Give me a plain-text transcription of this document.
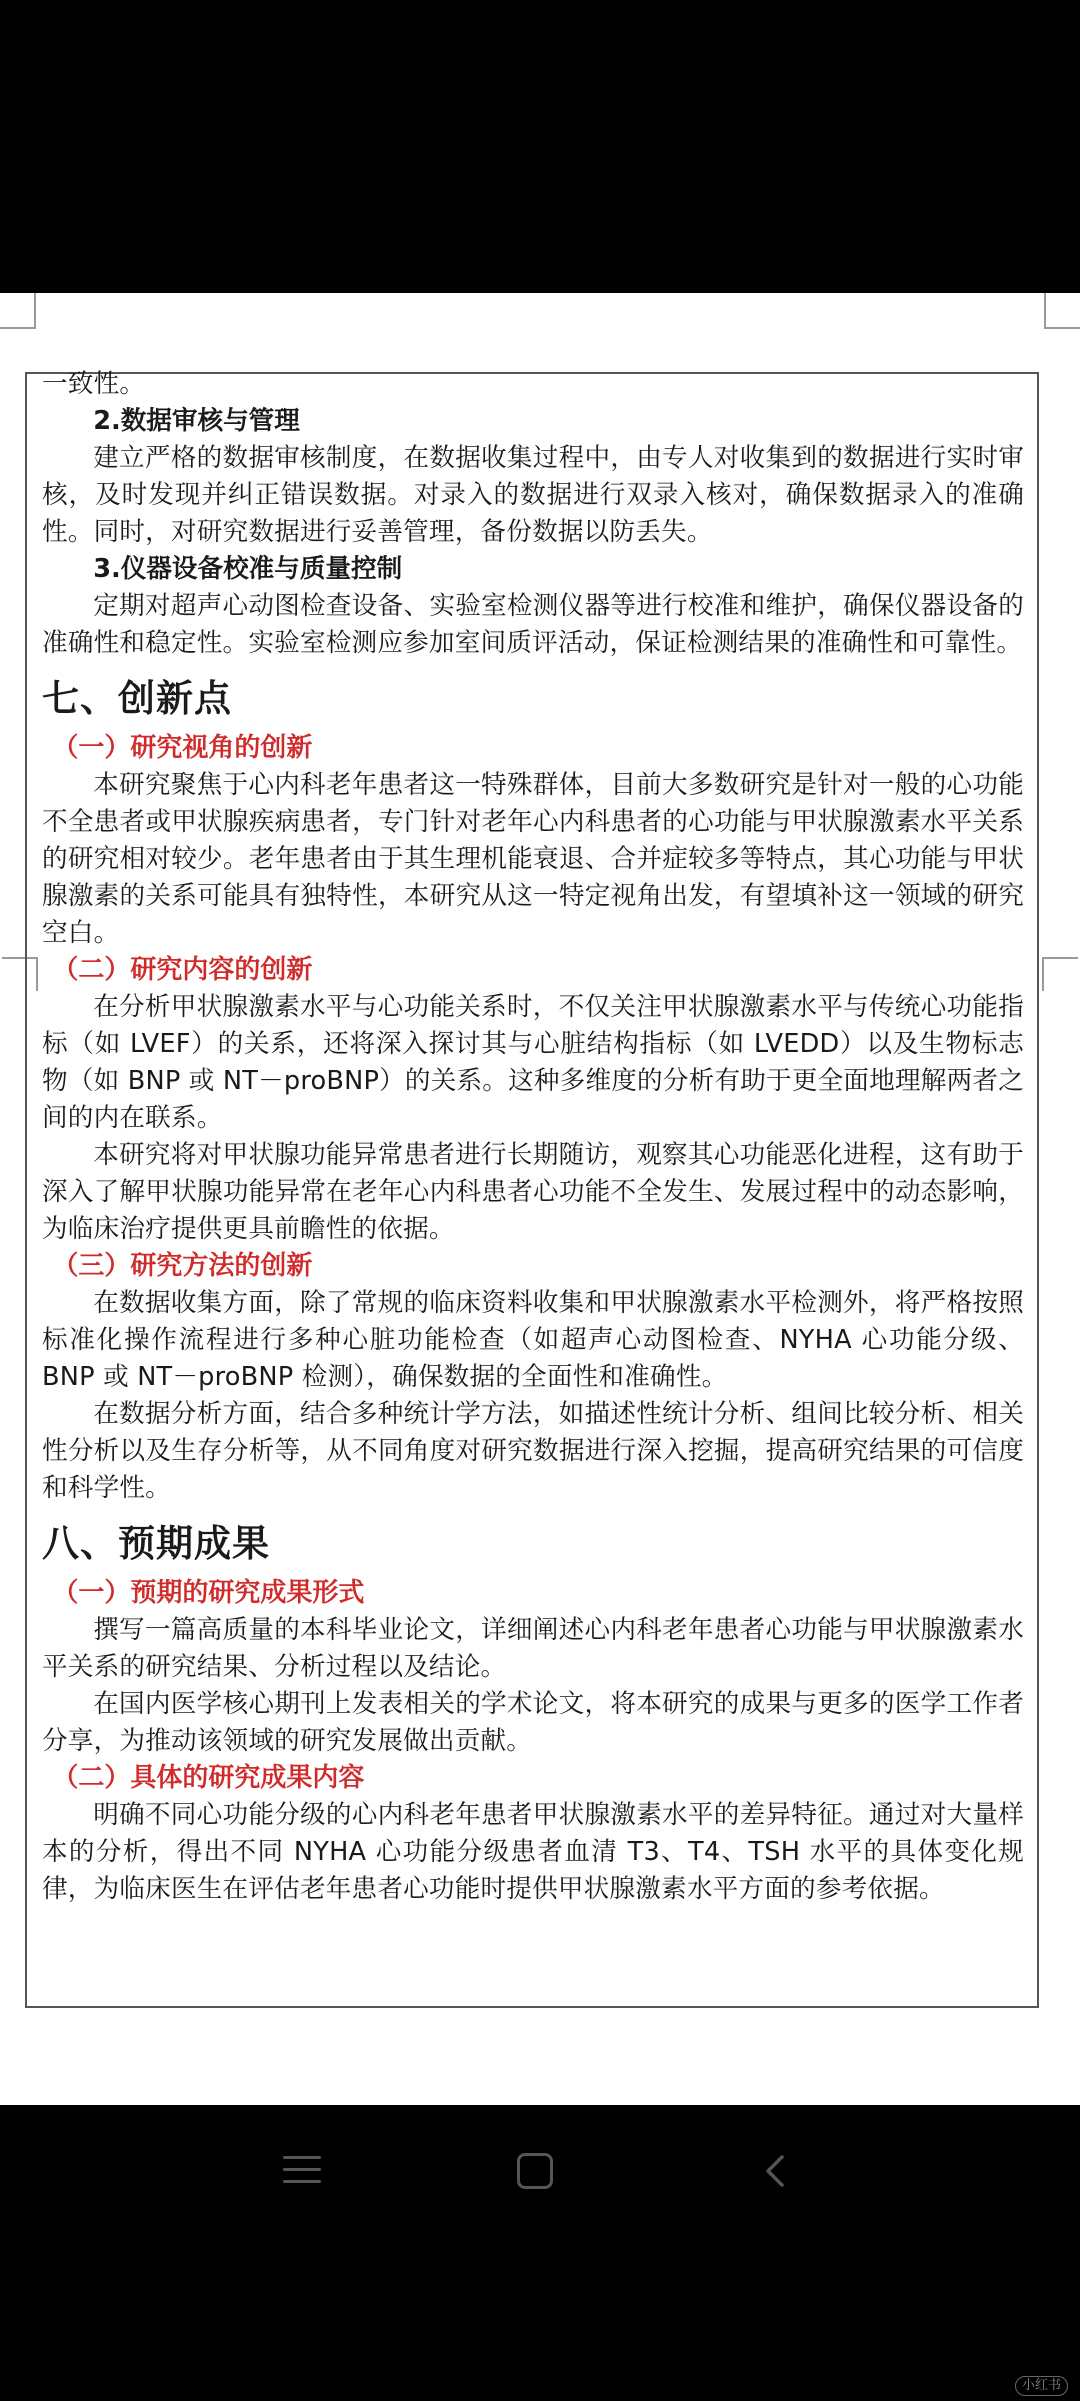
一致性。
2.数据审核与管理
建立严格的数据审核制度，在数据收集过程中，由专人对收集到的数据进行实时审核，及时发现并纠正错误数据。对录入的数据进行双录入核对，确保数据录入的准确性。同时，对研究数据进行妥善管理，备份数据以防丢失。
3.仪器设备校准与质量控制
定期对超声心动图检查设备、实验室检测仪器等进行校准和维护，确保仪器设备的准确性和稳定性。实验室检测应参加室间质评活动，保证检测结果的准确性和可靠性。
七、创新点
（一）研究视角的创新
本研究聚焦于心内科老年患者这一特殊群体，目前大多数研究是针对一般的心功能不全患者或甲状腺疾病患者，专门针对老年心内科患者的心功能与甲状腺激素水平关系的研究相对较少。老年患者由于其生理机能衰退、合并症较多等特点，其心功能与甲状腺激素的关系可能具有独特性，本研究从这一特定视角出发，有望填补这一领域的研究空白。
（二）研究内容的创新
在分析甲状腺激素水平与心功能关系时，不仅关注甲状腺激素水平与传统心功能指标（如 LVEF）的关系，还将深入探讨其与心脏结构指标（如 LVEDD）以及生物标志物（如 BNP 或 NT－proBNP）的关系。这种多维度的分析有助于更全面地理解两者之间的内在联系。
本研究将对甲状腺功能异常患者进行长期随访，观察其心功能恶化进程，这有助于深入了解甲状腺功能异常在老年心内科患者心功能不全发生、发展过程中的动态影响，为临床治疗提供更具前瞻性的依据。
（三）研究方法的创新
在数据收集方面，除了常规的临床资料收集和甲状腺激素水平检测外，将严格按照标准化操作流程进行多种心脏功能检查（如超声心动图检查、NYHA 心功能分级、BNP 或 NT－proBNP 检测），确保数据的全面性和准确性。
在数据分析方面，结合多种统计学方法，如描述性统计分析、组间比较分析、相关性分析以及生存分析等，从不同角度对研究数据进行深入挖掘，提高研究结果的可信度和科学性。
八、预期成果
（一）预期的研究成果形式
撰写一篇高质量的本科毕业论文，详细阐述心内科老年患者心功能与甲状腺激素水平关系的研究结果、分析过程以及结论。
在国内医学核心期刊上发表相关的学术论文，将本研究的成果与更多的医学工作者分享，为推动该领域的研究发展做出贡献。
（二）具体的研究成果内容
明确不同心功能分级的心内科老年患者甲状腺激素水平的差异特征。通过对大量样本的分析，得出不同 NYHA 心功能分级患者血清 T3、T4、TSH 水平的具体变化规律，为临床医生在评估老年患者心功能时提供甲状腺激素水平方面的参考依据。
小红书
